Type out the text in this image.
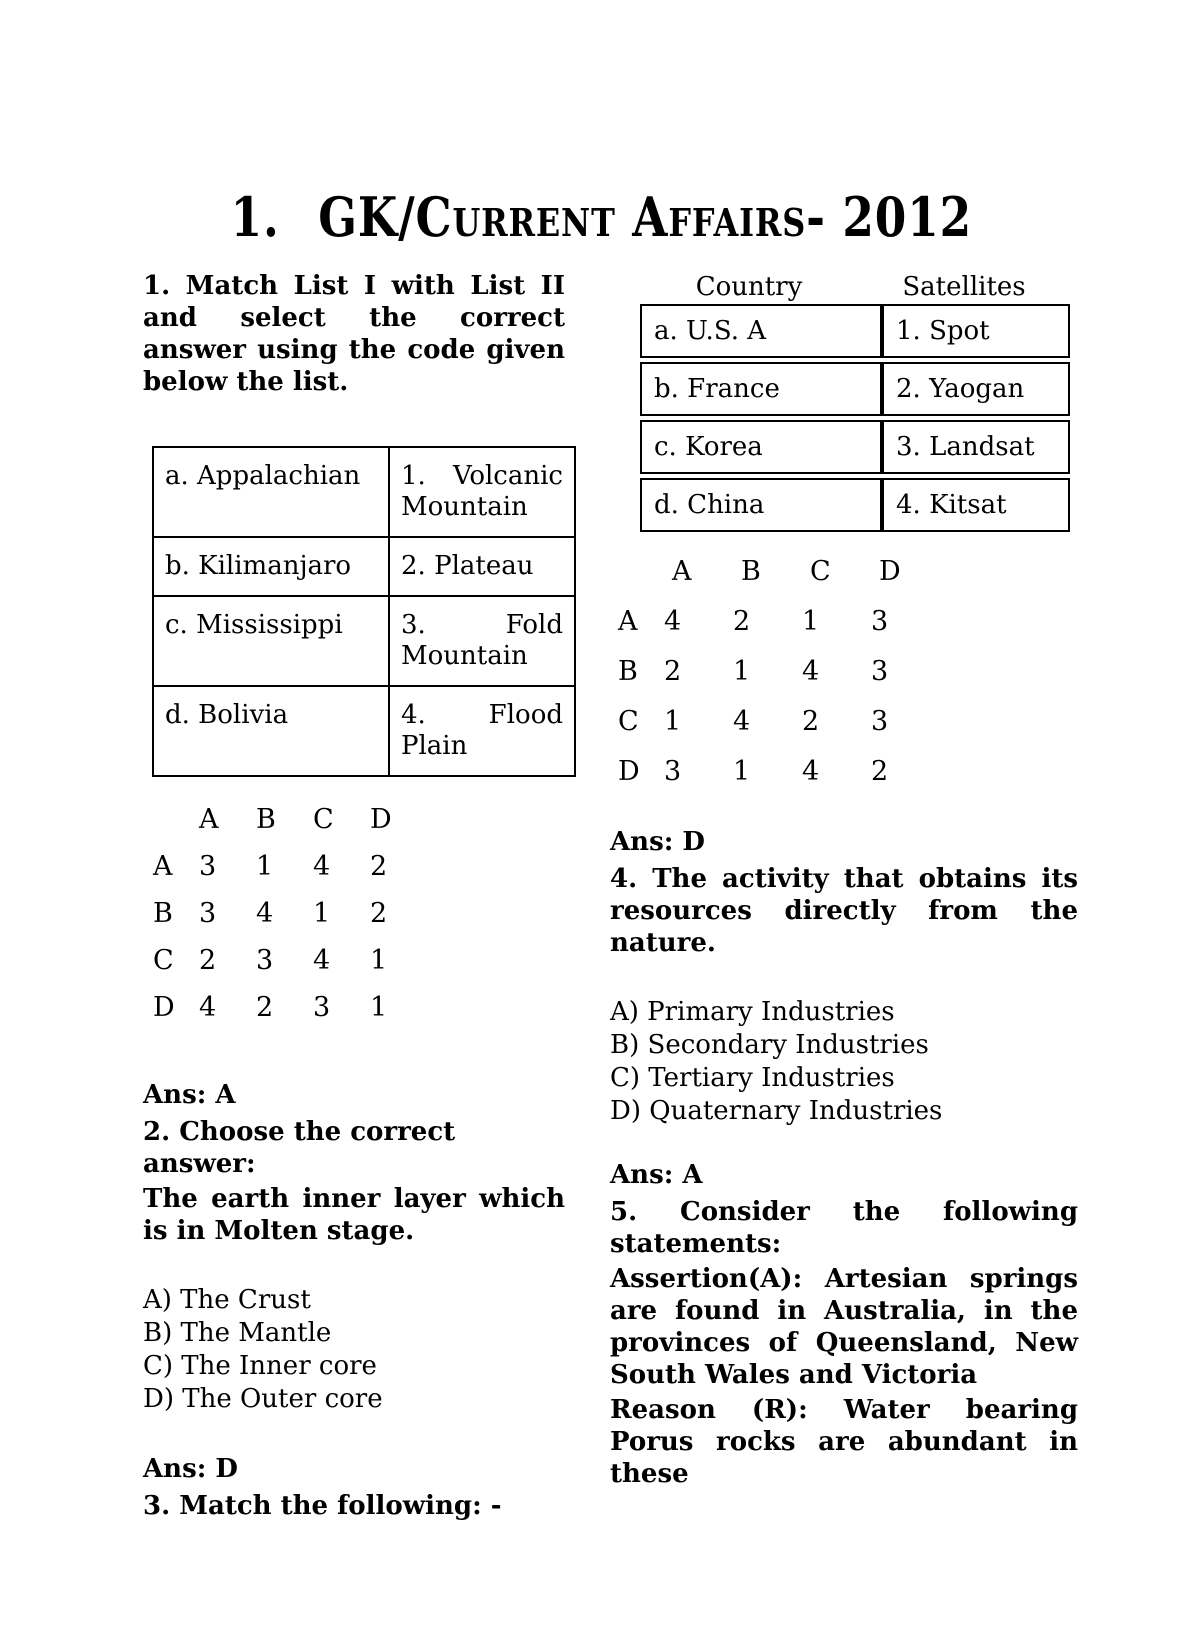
1. GK/Current Affairs- 2012

1. Match List I with List II and select the correct answer using the code given below the list.

a. Appalachian	1. Volcanic Mountain
b. Kilimanjaro	2. Plateau
c. Mississippi	3. Fold Mountain
d. Bolivia	4. Flood Plain
	A	B	C	D
A	3	1	4	2
B	3	4	1	2
C	2	3	4	1
D	4	2	3	1

Ans: A

2. Choose the correct answer:

The earth inner layer which is in Molten stage.

A) The Crust
B) The Mantle
C) The Inner core
D) The Outer core

Ans: D

3. Match the following: -

Country	Satellites
a. U.S. A	1. Spot
b. France	2. Yaogan
c. Korea	3. Landsat
d. China	4. Kitsat
	A	B	C	D
A	4	2	1	3
B	2	1	4	3
C	1	4	2	3
D	3	1	4	2

Ans: D

4. The activity that obtains its resources directly from the nature.

A) Primary Industries
B) Secondary Industries
C) Tertiary Industries
D) Quaternary Industries

Ans: A

5. Consider the following statements:

Assertion(A): Artesian springs are found in Australia, in the provinces of Queensland, New South Wales and Victoria

Reason (R): Water bearing Porus rocks are abundant in these
